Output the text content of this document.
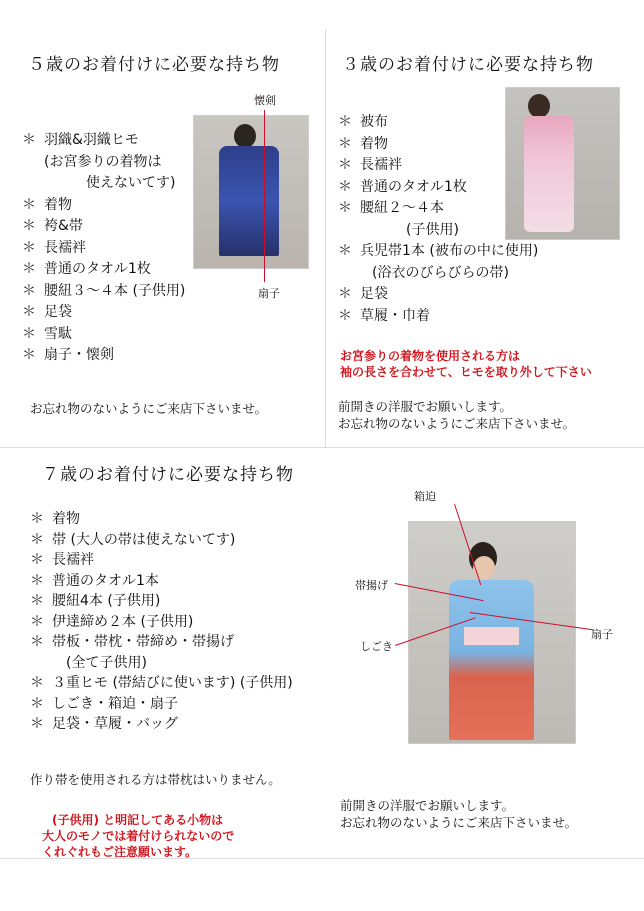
５歳のお着付けに必要な持ち物
懐剣
扇子
＊ 羽織&羽織ヒモ
(お宮参りの着物は
使えないてす)
＊ 着物
＊ 袴&帯
＊ 長襦袢
＊ 普通のタオル1枚
＊ 腰紐３～４本 (子供用)
＊ 足袋
＊ 雪駄
＊ 扇子・懐剣
お忘れ物のないようにご来店下さいませ。
３歳のお着付けに必要な持ち物
＊ 被布
＊ 着物
＊ 長襦袢
＊ 普通のタオル1枚
＊ 腰紐２～４本
(子供用)
＊ 兵児帯1本 (被布の中に使用)
(浴衣のびらびらの帯)
＊ 足袋
＊ 草履・巾着
お宮参りの着物を使用される方は
袖の長さを合わせて、ヒモを取り外して下さい
前開きの洋服でお願いします。
お忘れ物のないようにご来店下さいませ。
７歳のお着付けに必要な持ち物
箱迫
帯揚げ
しごき
扇子
＊ 着物
＊ 帯 (大人の帯は使えないてす)
＊ 長襦袢
＊ 普通のタオル1本
＊ 腰紐4本 (子供用)
＊ 伊達締め２本 (子供用)
＊ 帯板・帯枕・帯締め・帯揚げ
(全て子供用)
＊ ３重ヒモ (帯結びに使います) (子供用)
＊ しごき・箱迫・扇子
＊ 足袋・草履・バッグ
作り帯を使用される方は帯枕はいりません。
(子供用) と明記してある小物は
大人のモノでは着付けられないので
くれぐれもご注意願います。
前開きの洋服でお願いします。
お忘れ物のないようにご来店下さいませ。
